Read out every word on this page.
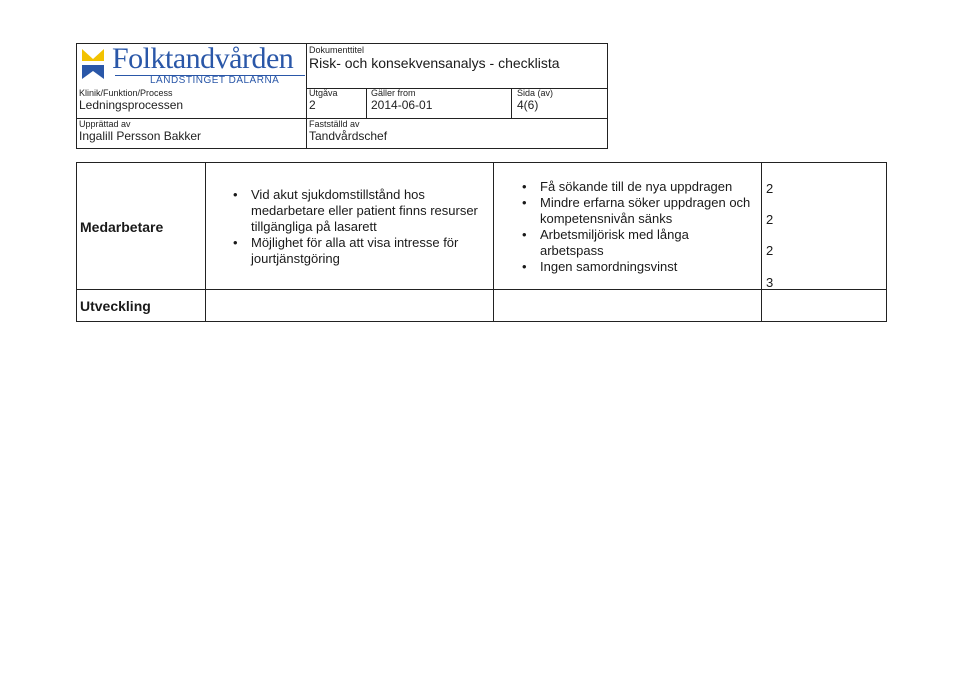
Folktandvården
LANDSTINGET DALARNA
Klinik/Funktion/Process
Ledningsprocessen
Upprättad av
Ingalill Persson Bakker
Dokumenttitel
Risk- och konsekvensanalys - checklista
Utgåva
2
Gäller from
2014-06-01
Sida (av)
4(6)
Fastställd av
Tandvårdschef
Medarbetare
• Vid akut sjukdomstillstånd hos medarbetare eller patient finns resurser tillgängliga på lasarett
• Möjlighet för alla att visa intresse för jourtjänstgöring
• Få sökande till de nya uppdragen
• Mindre erfarna söker uppdragen och kompetensnivån sänks
• Arbetsmiljörisk med långa arbetspass
• Ingen samordningsvinst
2
2
2
3
Utveckling
